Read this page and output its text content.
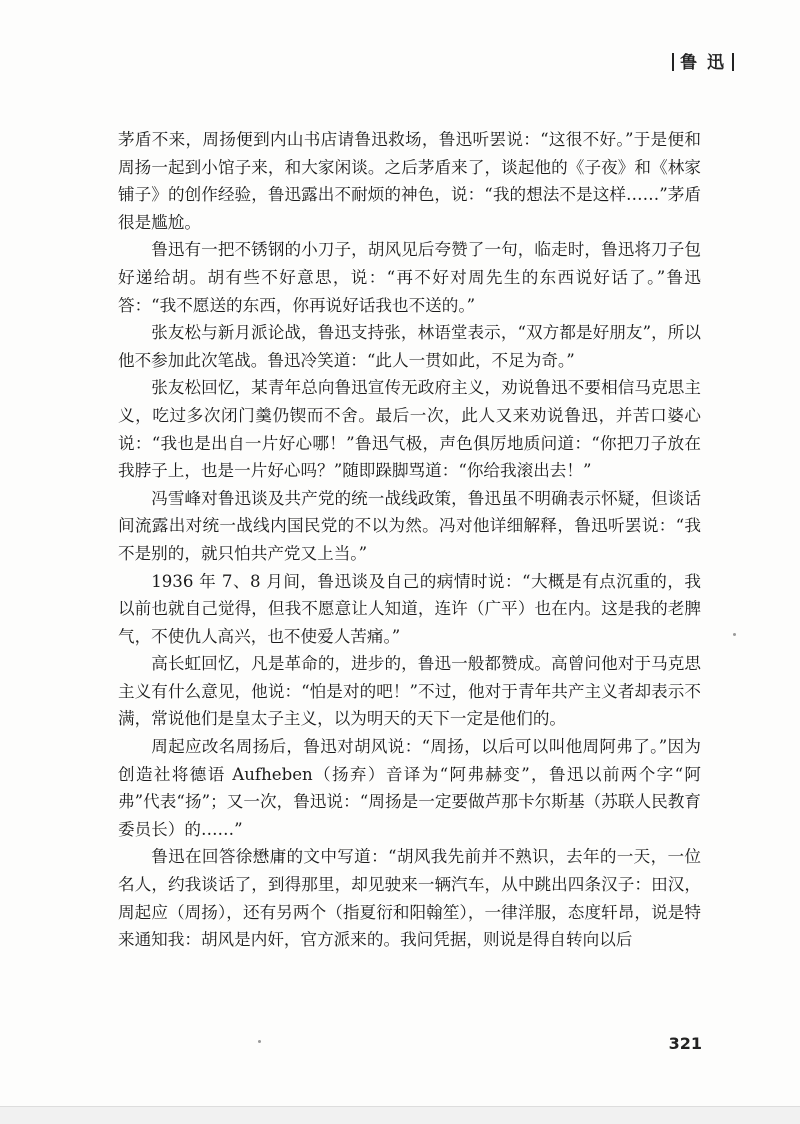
鲁 迅

茅盾不来，周扬便到内山书店请鲁迅救场，鲁迅听罢说：“这很不好。”于是便和周扬一起到小馆子来，和大家闲谈。之后茅盾来了，谈起他的《子夜》和《林家铺子》的创作经验，鲁迅露出不耐烦的神色，说：“我的想法不是这样……”茅盾很是尴尬。

鲁迅有一把不锈钢的小刀子，胡风见后夸赞了一句，临走时，鲁迅将刀子包好递给胡。胡有些不好意思，说：“再不好对周先生的东西说好话了。”鲁迅答：“我不愿送的东西，你再说好话我也不送的。”

张友松与新月派论战，鲁迅支持张，林语堂表示，“双方都是好朋友”，所以他不参加此次笔战。鲁迅冷笑道：“此人一贯如此，不足为奇。”

张友松回忆，某青年总向鲁迅宣传无政府主义，劝说鲁迅不要相信马克思主义，吃过多次闭门羹仍锲而不舍。最后一次，此人又来劝说鲁迅，并苦口婆心说：“我也是出自一片好心哪！”鲁迅气极，声色俱厉地质问道：“你把刀子放在我脖子上，也是一片好心吗？”随即跺脚骂道：“你给我滚出去！”

冯雪峰对鲁迅谈及共产党的统一战线政策，鲁迅虽不明确表示怀疑，但谈话间流露出对统一战线内国民党的不以为然。冯对他详细解释，鲁迅听罢说：“我不是别的，就只怕共产党又上当。”

1936 年 7、8 月间，鲁迅谈及自己的病情时说：“大概是有点沉重的，我以前也就自己觉得，但我不愿意让人知道，连许（广平）也在内。这是我的老脾气，不使仇人高兴，也不使爱人苦痛。”

高长虹回忆，凡是革命的，进步的，鲁迅一般都赞成。高曾问他对于马克思主义有什么意见，他说：“怕是对的吧！”不过，他对于青年共产主义者却表示不满，常说他们是皇太子主义，以为明天的天下一定是他们的。

周起应改名周扬后，鲁迅对胡风说：“周扬，以后可以叫他周阿弗了。”因为创造社将德语 Aufheben（扬弃）音译为“阿弗赫变”，鲁迅以前两个字“阿弗”代表“扬”；又一次，鲁迅说：“周扬是一定要做芦那卡尔斯基（苏联人民教育委员长）的……”

鲁迅在回答徐懋庸的文中写道：“胡风我先前并不熟识，去年的一天，一位名人，约我谈话了，到得那里，却见驶来一辆汽车，从中跳出四条汉子：田汉，周起应（周扬），还有另两个（指夏衍和阳翰笙），一律洋服，态度轩昂，说是特来通知我：胡风是内奸，官方派来的。我问凭据，则说是得自转向以后

321
